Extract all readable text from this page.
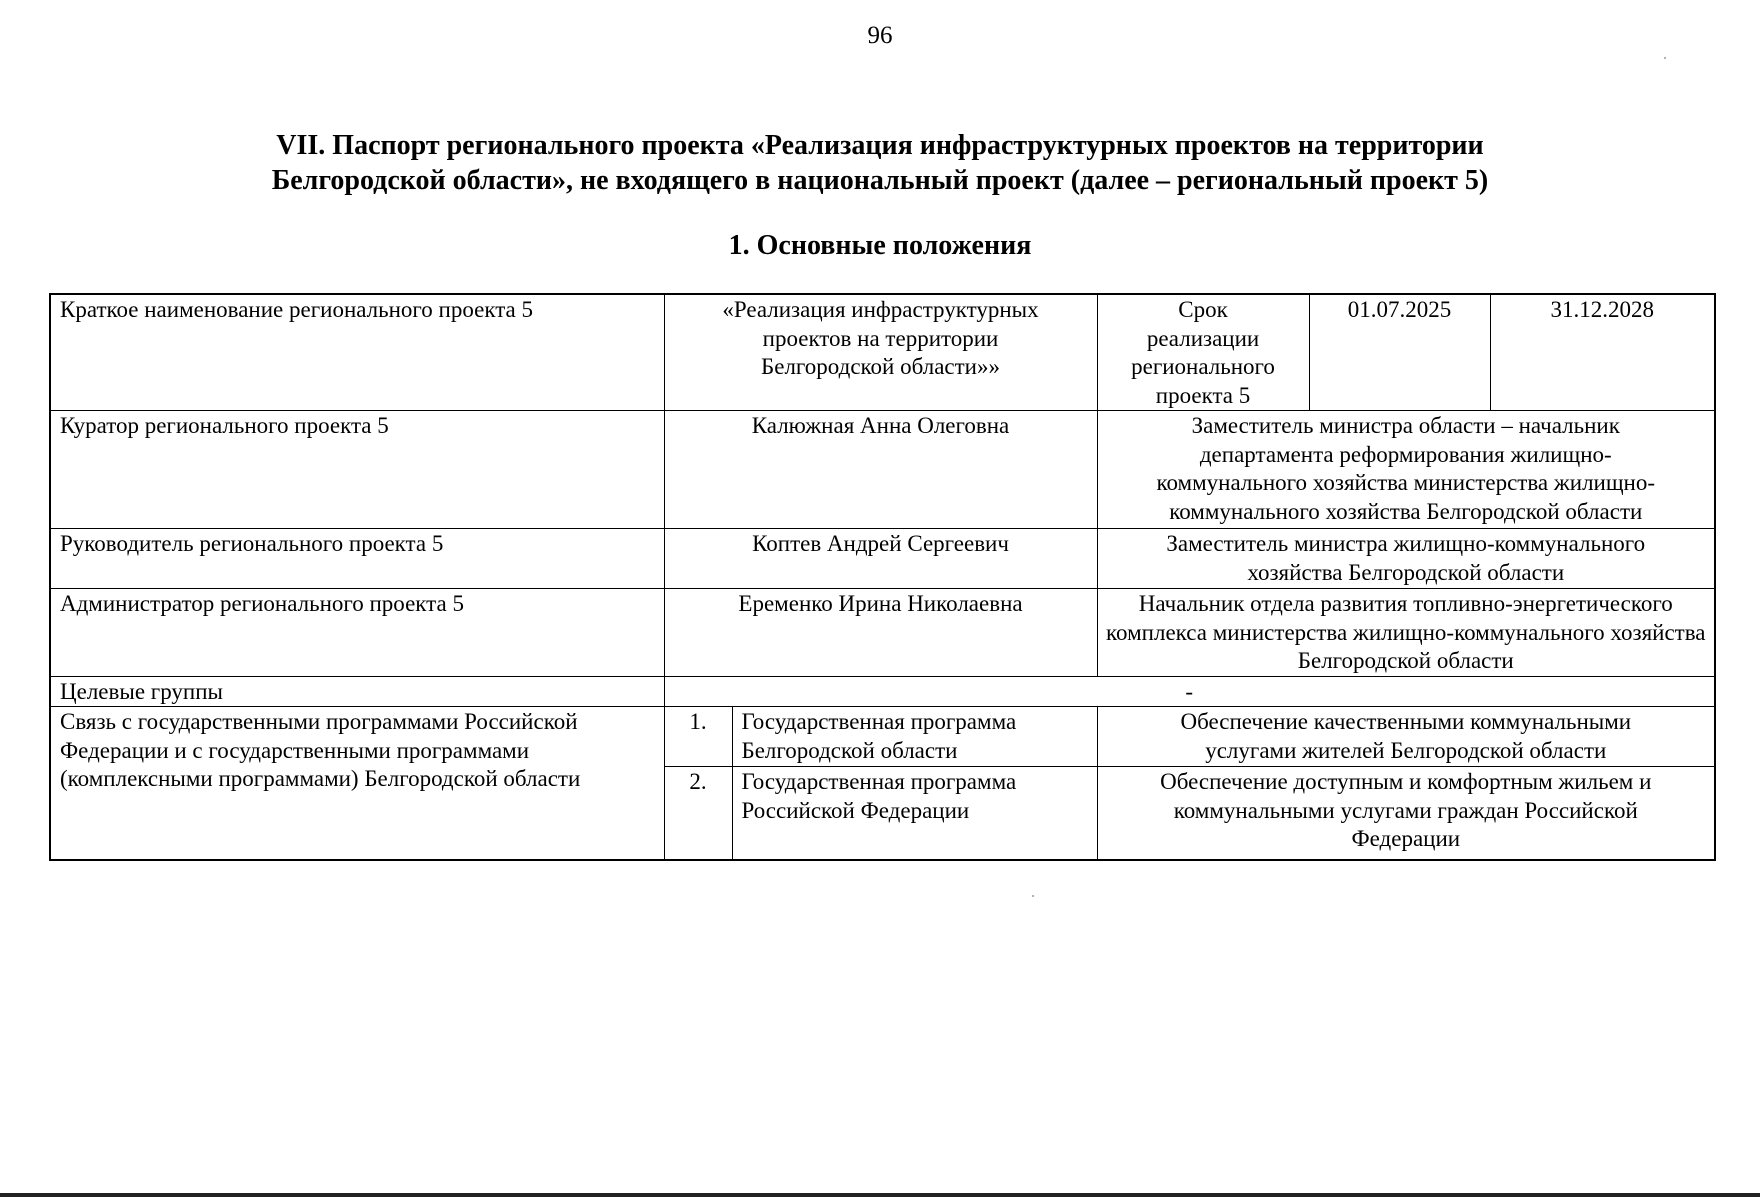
96
VII. Паспорт регионального проекта «Реализация инфраструктурных проектов на территории
Белгородской области», не входящего в национальный проект (далее – региональный проект 5)
1. Основные положения
Краткое наименование регионального проекта 5	«Реализация инфраструктурных проектов на территории Белгородской области»»		Срок реализации регионального проекта 5	01.07.2025	31.12.2028
Куратор регионального проекта 5	Калюжная Анна Олеговна		Заместитель министра области – начальник департамента реформирования жилищно-коммунального хозяйства министерства жилищно-коммунального хозяйства Белгородской области		
Руководитель регионального проекта 5	Коптев Андрей Сергеевич		Заместитель министра жилищно-коммунального хозяйства Белгородской области		
Администратор регионального проекта 5	Еременко Ирина Николаевна		Начальник отдела развития топливно-энергетического комплекса министерства жилищно-коммунального хозяйства Белгородской области		
Целевые группы	-				
Связь с государственными программами Российской Федерации и с государственными программами (комплексными программами) Белгородской области	1.	Государственная программа Белгородской области	Обеспечение качественными коммунальными услугами жителей Белгородской области		
	2.	Государственная программа Российской Федерации	Обеспечение доступным и комфортным жильем и коммунальными услугами граждан Российской Федерации		
